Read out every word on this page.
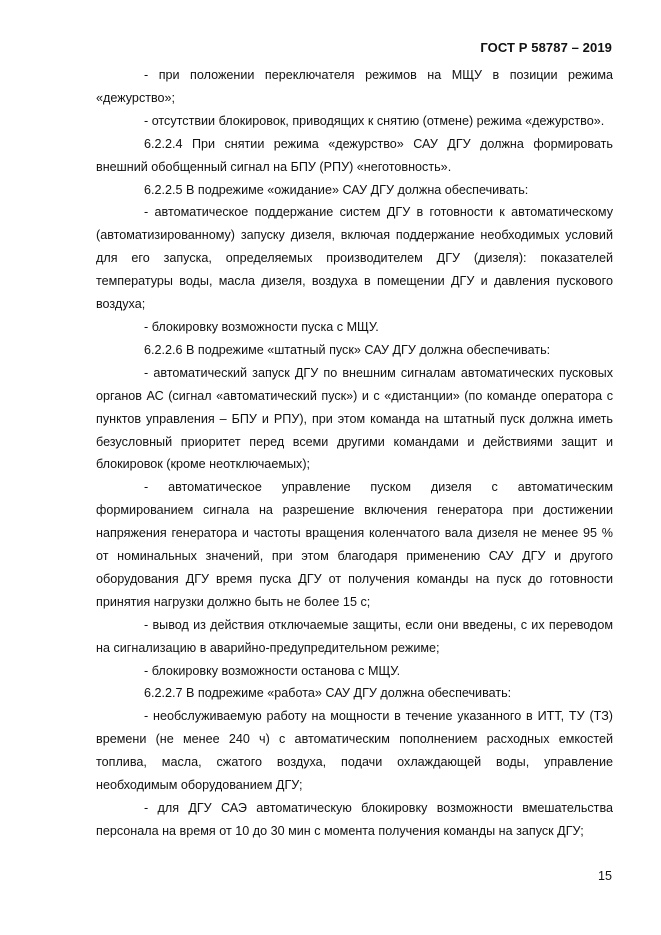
ГОСТ Р 58787 – 2019

- при положении переключателя режимов на МЩУ в позиции режима «дежурство»;

- отсутствии блокировок, приводящих к снятию (отмене) режима «дежурство».

6.2.2.4 При снятии режима «дежурство» САУ ДГУ должна формировать внешний обобщенный сигнал на БПУ (РПУ) «неготовность».

6.2.2.5 В подрежиме «ожидание» САУ ДГУ должна обеспечивать:

- автоматическое поддержание систем ДГУ в готовности к автоматическому (автоматизированному) запуску дизеля, включая поддержание необходимых условий для его запуска, определяемых производителем ДГУ (дизеля): показателей температуры воды, масла дизеля, воздуха в помещении ДГУ и давления пускового воздуха;

- блокировку возможности пуска с МЩУ.

6.2.2.6 В подрежиме «штатный пуск» САУ ДГУ должна обеспечивать:

- автоматический запуск ДГУ по внешним сигналам автоматических пусковых органов АС (сигнал «автоматический пуск») и с «дистанции» (по команде оператора с пунктов управления – БПУ и РПУ), при этом команда на штатный пуск должна иметь безусловный приоритет перед всеми другими командами и действиями защит и блокировок (кроме неотключаемых);

- автоматическое управление пуском дизеля с автоматическим формированием сигнала на разрешение включения генератора при достижении напряжения генератора и частоты вращения коленчатого вала дизеля не менее 95 % от номинальных значений, при этом благодаря применению САУ ДГУ и другого оборудования ДГУ время пуска ДГУ от получения команды на пуск до готовности принятия нагрузки должно быть не более 15 с;

- вывод из действия отключаемые защиты, если они введены, с их переводом на сигнализацию в аварийно-предупредительном режиме;

- блокировку возможности останова с МЩУ.

6.2.2.7 В подрежиме «работа» САУ ДГУ должна обеспечивать:

- необслуживаемую работу на мощности в течение указанного в ИТТ, ТУ (ТЗ) времени (не менее 240 ч) с автоматическим пополнением расходных емкостей топлива, масла, сжатого воздуха, подачи охлаждающей воды, управление необходимым оборудованием ДГУ;

- для ДГУ САЭ автоматическую блокировку возможности вмешательства персонала на время от 10 до 30 мин с момента получения команды на запуск ДГУ;

15
